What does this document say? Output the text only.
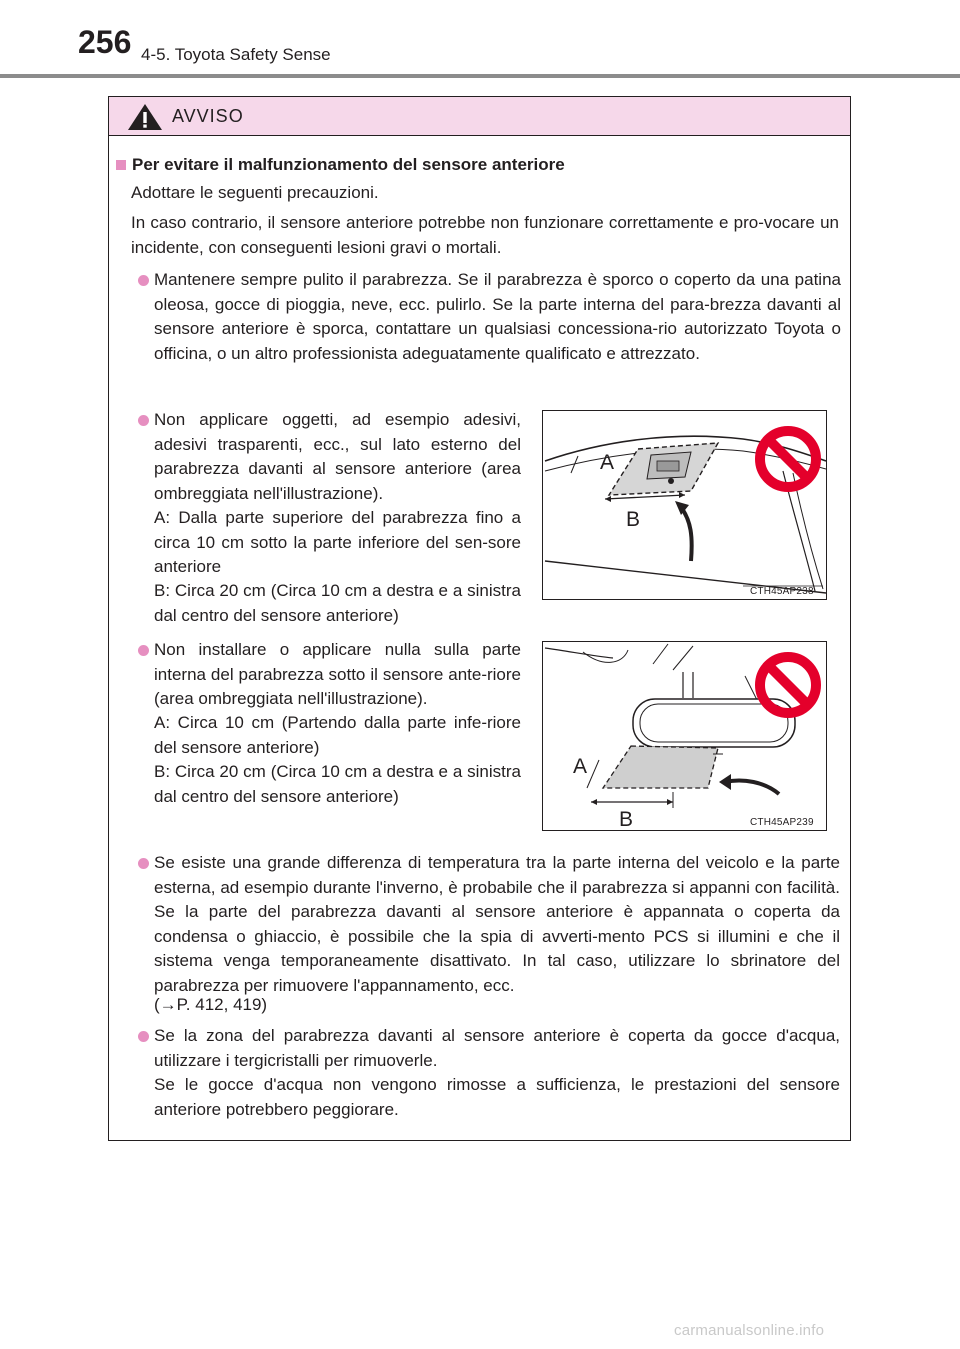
256 4-5. Toyota Safety Sense
AVVISO
Per evitare il malfunzionamento del sensore anteriore
Adottare le seguenti precauzioni.
In caso contrario, il sensore anteriore potrebbe non funzionare correttamente e pro-vocare un incidente, con conseguenti lesioni gravi o mortali.
Mantenere sempre pulito il parabrezza. Se il parabrezza è sporco o coperto da una patina oleosa, gocce di pioggia, neve, ecc. pulirlo. Se la parte interna del para-brezza davanti al sensore anteriore è sporca, contattare un qualsiasi concessiona-rio autorizzato Toyota o officina, o un altro professionista adeguatamente qualificato e attrezzato.
Non applicare oggetti, ad esempio adesivi, adesivi trasparenti, ecc., sul lato esterno del parabrezza davanti al sensore anteriore (area ombreggiata nell'illustrazione).
A: Dalla parte superiore del parabrezza fino a circa 10 cm sotto la parte inferiore del sen-sore anteriore
B: Circa 20 cm (Circa 10 cm a destra e a sinistra dal centro del sensore anteriore)
CTH45AP238
A
B
Non installare o applicare nulla sulla parte interna del parabrezza sotto il sensore ante-riore (area ombreggiata nell'illustrazione).
A: Circa 10 cm (Partendo dalla parte infe-riore del sensore anteriore)
B: Circa 20 cm (Circa 10 cm a destra e a sinistra dal centro del sensore anteriore)
CTH45AP239
A
B
Se esiste una grande differenza di temperatura tra la parte interna del veicolo e la parte esterna, ad esempio durante l'inverno, è probabile che il parabrezza si appanni con facilità. Se la parte del parabrezza davanti al sensore anteriore è appannata o coperta da condensa o ghiaccio, è possibile che la spia di avverti-mento PCS si illumini e che il sistema venga temporaneamente disattivato. In tal caso, utilizzare lo sbrinatore del parabrezza per rimuovere l'appannamento, ecc.
(→P. 412, 419)
Se la zona del parabrezza davanti al sensore anteriore è coperta da gocce d'acqua, utilizzare i tergicristalli per rimuoverle.
Se le gocce d'acqua non vengono rimosse a sufficienza, le prestazioni del sensore anteriore potrebbero peggiorare.
carmanualsonline.info
